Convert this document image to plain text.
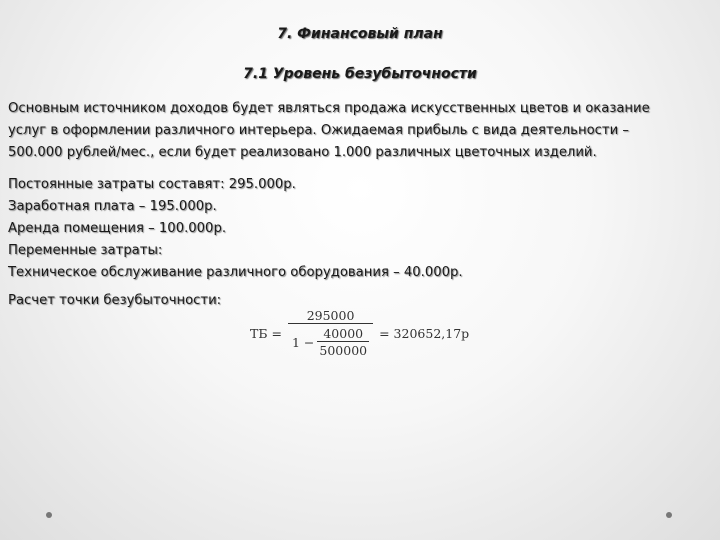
7. Финансовый план
7.1 Уровень безубыточности
Основным источником доходов будет являться продажа искусственных цветов и оказание
услуг в оформлении различного интерьера. Ожидаемая прибыль с вида деятельности –
500.000 рублей/мес., если будет реализовано 1.000 различных цветочных изделий.
Постоянные затраты составят: 295.000р.
Заработная плата – 195.000р.
Аренда помещения – 100.000р.
Переменные затраты:
Техническое обслуживание различного оборудования – 40.000р.
Расчет точки безубыточности:
ТБ = $\frac{295000}{1 - \frac{40000}{500000}} = 320652,17р$
